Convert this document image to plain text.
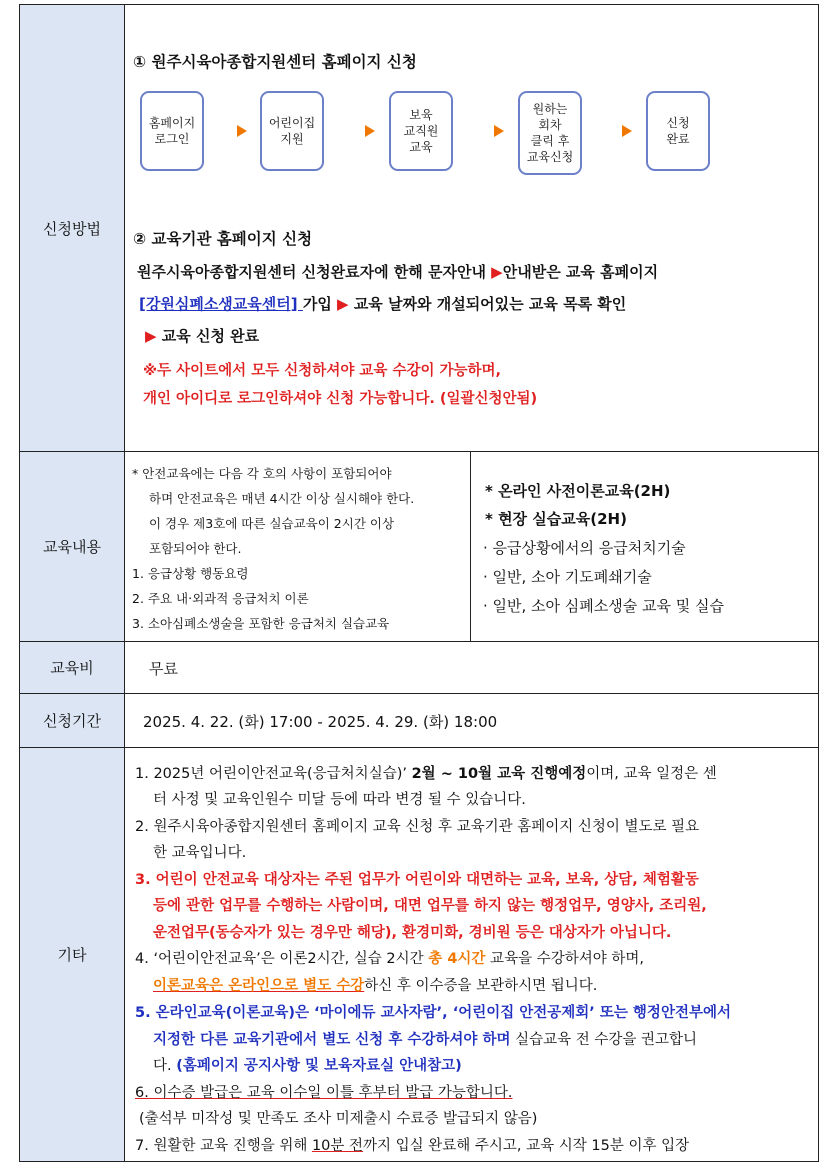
신청방법
① 원주시육아종합지원센터 홈페이지 신청
홈페이지
로그인
어린이집
지원
보육
교직원
교육
원하는
회차
클릭 후
교육신청
신청
완료
② 교육기관 홈페이지 신청
원주시육아종합지원센터 신청완료자에 한해 문자안내 ▶안내받은 교육 홈페이지
[강원심폐소생교육센터] 가입 ▶ 교육 날짜와 개설되어있는 교육 목록 확인
▶ 교육 신청 완료
※두 사이트에서 모두 신청하셔야 교육 수강이 가능하며,
개인 아이디로 로그인하셔야 신청 가능합니다. (일괄신청안됨)
교육내용
* 안전교육에는 다음 각 호의 사항이 포함되어야
하며 안전교육은 매년 4시간 이상 실시해야 한다.
이 경우 제3호에 따른 실습교육이 2시간 이상
포함되어야 한다.
1. 응급상황 행동요령
2. 주요 내‧외과적 응급처치 이론
3. 소아심폐소생술을 포함한 응급처치 실습교육
* 온라인 사전이론교육(2H)
* 현장 실습교육(2H)
· 응급상황에서의 응급처치기술
· 일반, 소아 기도폐쇄기술
· 일반, 소아 심폐소생술 교육 및 실습
교육비	무료
신청기간	2025. 4. 22. (화) 17:00 - 2025. 4. 29. (화) 18:00
기타
1. 2025년 어린이안전교육(응급처치실습)’ 2월 ~ 10월 교육 진행예정이며, 교육 일정은 센
터 사정 및 교육인원수 미달 등에 따라 변경 될 수 있습니다.
2. 원주시육아종합지원센터 홈페이지 교육 신청 후 교육기관 홈페이지 신청이 별도로 필요
한 교육입니다.
3. 어린이 안전교육 대상자는 주된 업무가 어린이와 대면하는 교육, 보육, 상담, 체험활동
등에 관한 업무를 수행하는 사람이며, 대면 업무를 하지 않는 행정업무, 영양사, 조리원,
운전업무(동승자가 있는 경우만 해당), 환경미화, 경비원 등은 대상자가 아닙니다.
4. ‘어린이안전교육’은 이론2시간, 실습 2시간 총 4시간 교육을 수강하셔야 하며,
이론교육은 온라인으로 별도 수강하신 후 이수증을 보관하시면 됩니다.
5. 온라인교육(이론교육)은 ‘마이에듀 교사자람’, ‘어린이집 안전공제회’ 또는 행정안전부에서
지정한 다른 교육기관에서 별도 신청 후 수강하셔야 하며 실습교육 전 수강을 권고합니
다. (홈페이지 공지사항 및 보육자료실 안내참고)
6. 이수증 발급은 교육 이수일 이틀 후부터 발급 가능합니다.
(출석부 미작성 및 만족도 조사 미제출시 수료증 발급되지 않음)
7. 원활한 교육 진행을 위해 10분 전까지 입실 완료해 주시고, 교육 시작 15분 이후 입장
